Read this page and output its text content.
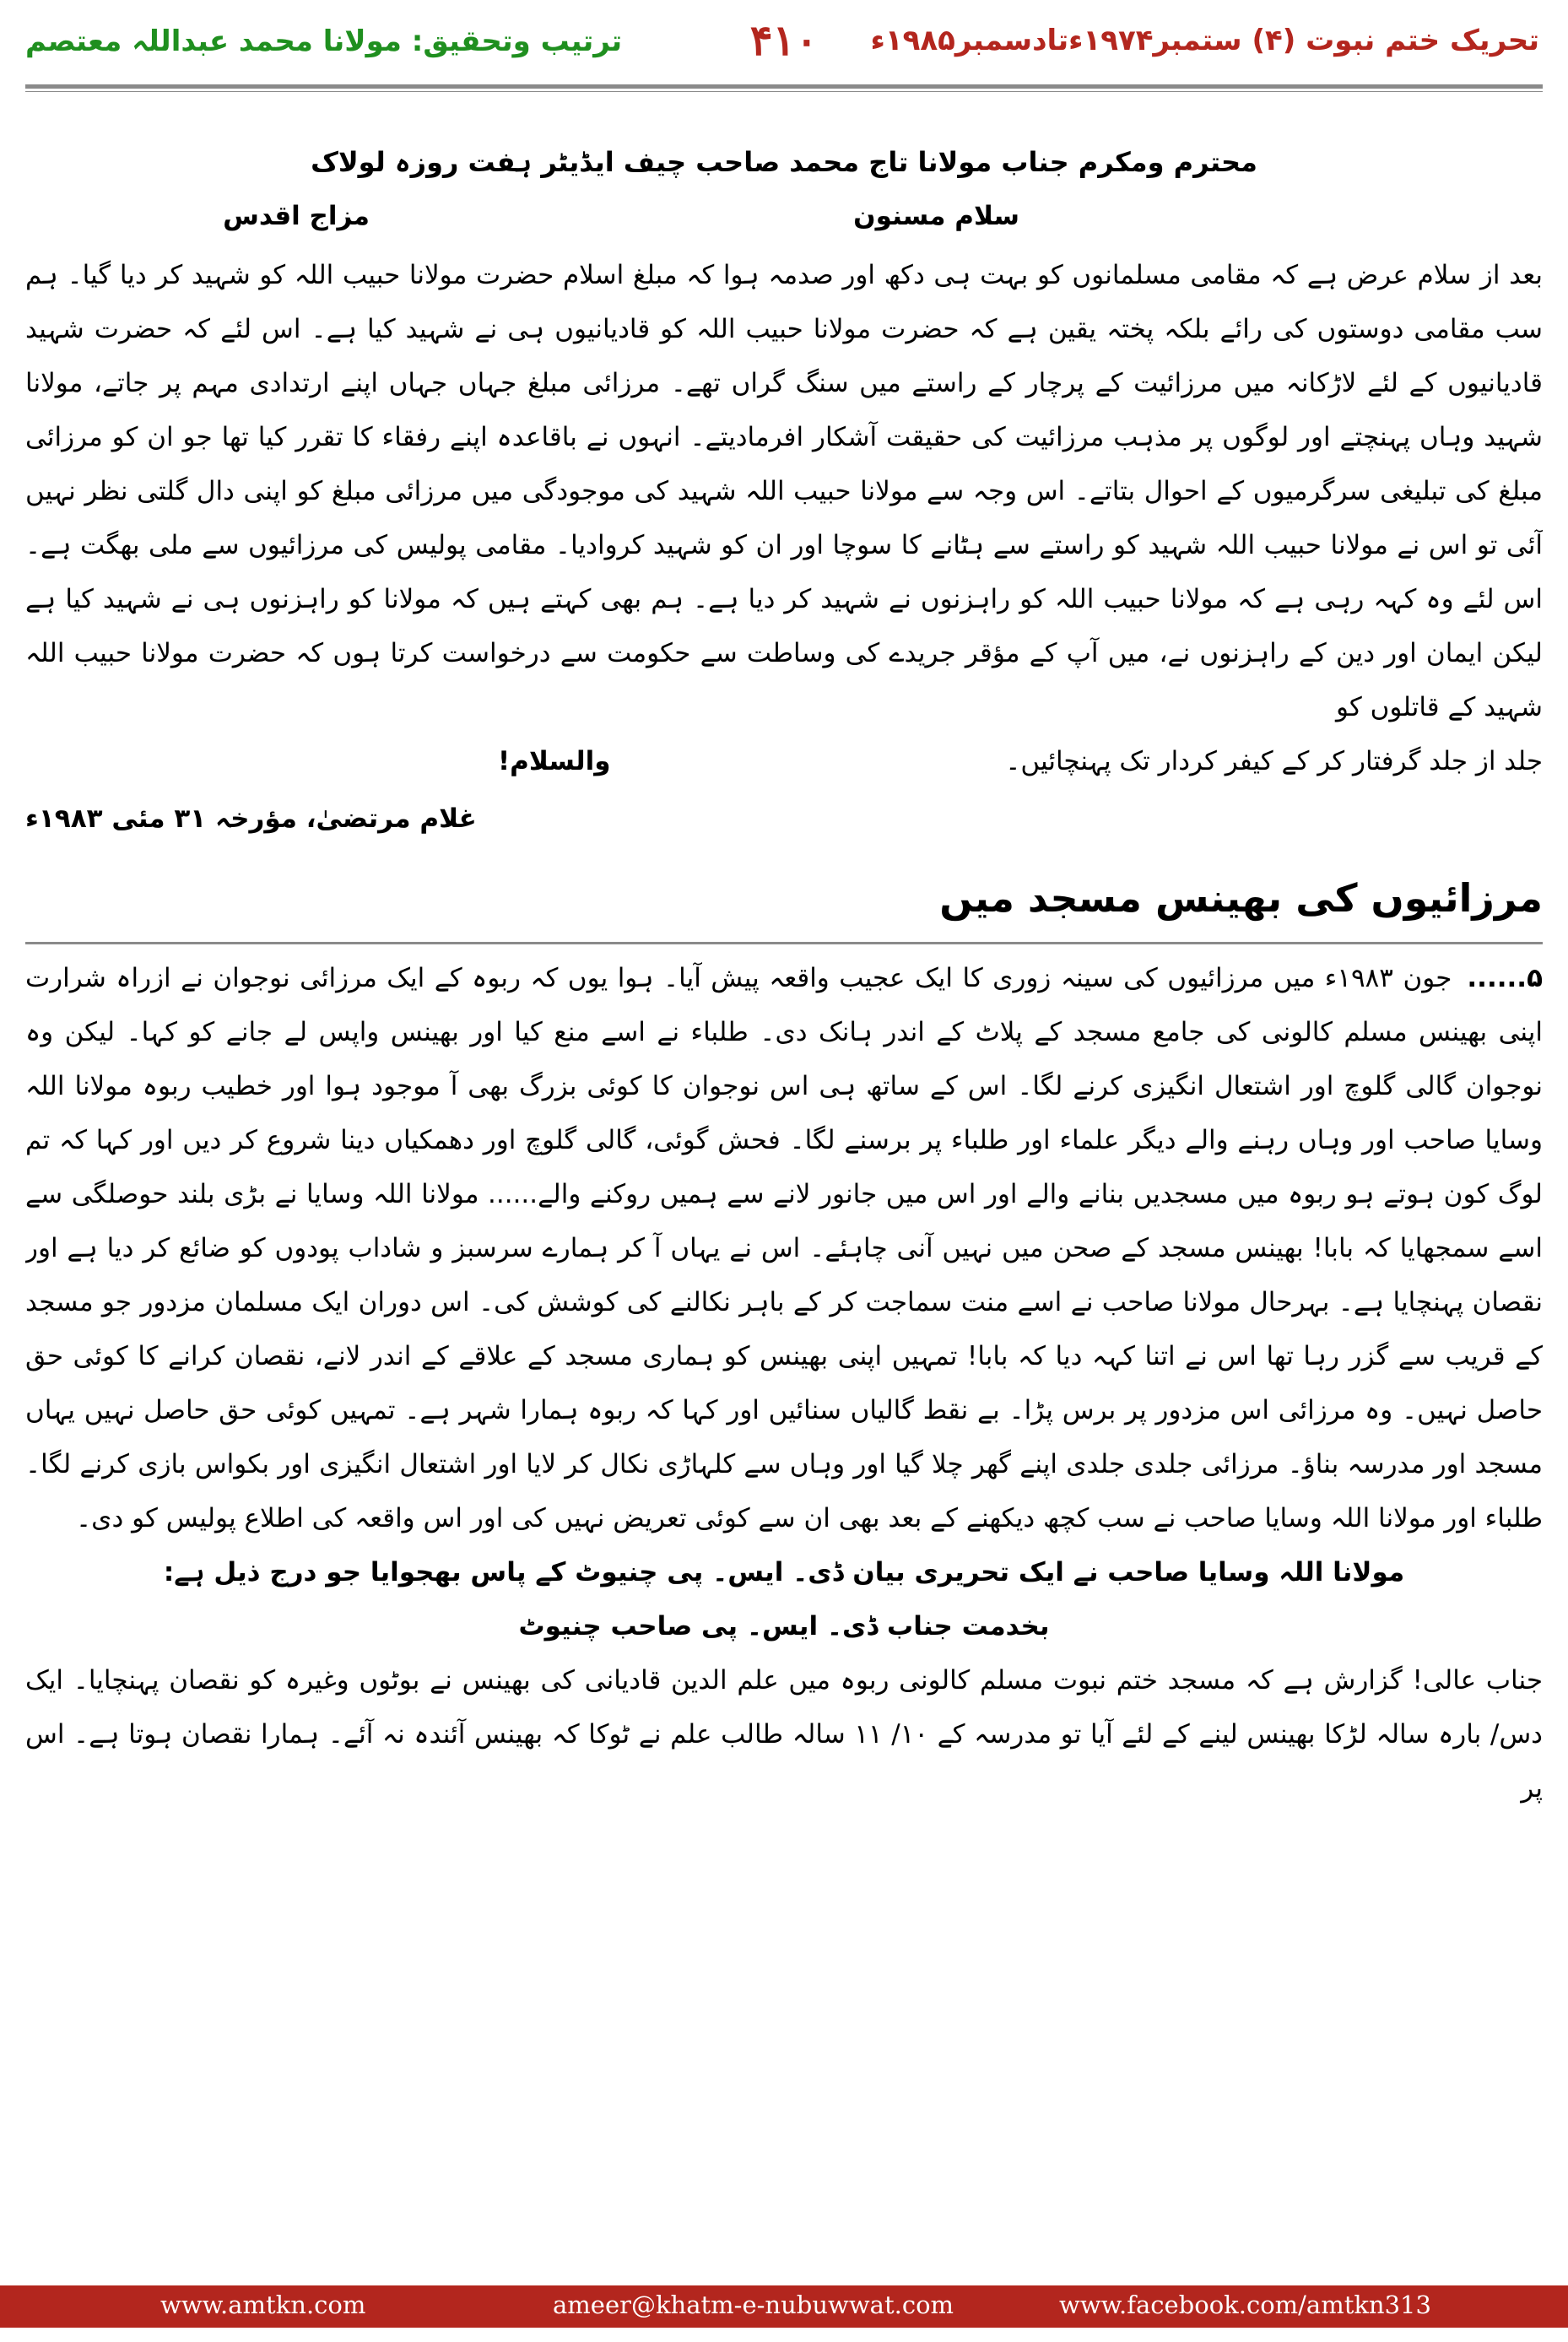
ترتیب وتحقیق: مولانا محمد عبداللہ معتصم	۴۱۰	تحریک ختم نبوت (۴) ستمبر۱۹۷۴ءتادسمبر۱۹۸۵ء

محترم ومکرم جناب مولانا تاج محمد صاحب چیف ایڈیٹر ہفت روزہ لولاک

سلام مسنون
مزاج اقدس

بعد از سلام عرض ہے کہ مقامی مسلمانوں کو بہت ہی دکھ اور صدمہ ہوا کہ مبلغ اسلام حضرت مولانا حبیب اللہ کو شہید کر دیا گیا۔ ہم سب مقامی دوستوں کی رائے بلکہ پختہ یقین ہے کہ حضرت مولانا حبیب اللہ کو قادیانیوں ہی نے شہید کیا ہے۔ اس لئے کہ حضرت شہید قادیانیوں کے لئے لاڑکانہ میں مرزائیت کے پرچار کے راستے میں سنگ گراں تھے۔ مرزائی مبلغ جہاں جہاں اپنے ارتدادی مہم پر جاتے، مولانا شہید وہاں پہنچتے اور لوگوں پر مذہب مرزائیت کی حقیقت آشکار افرمادیتے۔ انہوں نے باقاعدہ اپنے رفقاء کا تقرر کیا تھا جو ان کو مرزائی مبلغ کی تبلیغی سرگرمیوں کے احوال بتاتے۔ اس وجہ سے مولانا حبیب اللہ شہید کی موجودگی میں مرزائی مبلغ کو اپنی دال گلتی نظر نہیں آئی تو اس نے مولانا حبیب اللہ شہید کو راستے سے ہٹانے کا سوچا اور ان کو شہید کروادیا۔ مقامی پولیس کی مرزائیوں سے ملی بھگت ہے۔ اس لئے وہ کہہ رہی ہے کہ مولانا حبیب اللہ کو راہزنوں نے شہید کر دیا ہے۔ ہم بھی کہتے ہیں کہ مولانا کو راہزنوں ہی نے شہید کیا ہے لیکن ایمان اور دین کے راہزنوں نے، میں آپ کے مؤقر جریدے کی وساطت سے حکومت سے درخواست کرتا ہوں کہ حضرت مولانا حبیب اللہ شہید کے قاتلوں کو

جلد از جلد گرفتار کر کے کیفر کردار تک پہنچائیں۔
والسلام!
غلام مرتضیٰ، مؤرخہ ۳۱ مئی ۱۹۸۳ء
مرزائیوں کی بھینس مسجد میں

۵......جون ۱۹۸۳ء میں مرزائیوں کی سینہ زوری کا ایک عجیب واقعہ پیش آیا۔ ہوا یوں کہ ربوہ کے ایک مرزائی نوجوان نے ازراہ شرارت اپنی بھینس مسلم کالونی کی جامع مسجد کے پلاٹ کے اندر ہانک دی۔ طلباء نے اسے منع کیا اور بھینس واپس لے جانے کو کہا۔ لیکن وہ نوجوان گالی گلوچ اور اشتعال انگیزی کرنے لگا۔ اس کے ساتھ ہی اس نوجوان کا کوئی بزرگ بھی آ موجود ہوا اور خطیب ربوہ مولانا اللہ وسایا صاحب اور وہاں رہنے والے دیگر علماء اور طلباء پر برسنے لگا۔ فحش گوئی، گالی گلوچ اور دھمکیاں دینا شروع کر دیں اور کہا کہ تم لوگ کون ہوتے ہو ربوہ میں مسجدیں بنانے والے اور اس میں جانور لانے سے ہمیں روکنے والے...... مولانا اللہ وسایا نے بڑی بلند حوصلگی سے اسے سمجھایا کہ بابا! بھینس مسجد کے صحن میں نہیں آنی چاہئے۔ اس نے یہاں آ کر ہمارے سرسبز و شاداب پودوں کو ضائع کر دیا ہے اور نقصان پہنچایا ہے۔ بہرحال مولانا صاحب نے اسے منت سماجت کر کے باہر نکالنے کی کوشش کی۔ اس دوران ایک مسلمان مزدور جو مسجد کے قریب سے گزر رہا تھا اس نے اتنا کہہ دیا کہ بابا! تمہیں اپنی بھینس کو ہماری مسجد کے علاقے کے اندر لانے، نقصان کرانے کا کوئی حق حاصل نہیں۔ وہ مرزائی اس مزدور پر برس پڑا۔ بے نقط گالیاں سنائیں اور کہا کہ ربوہ ہمارا شہر ہے۔ تمہیں کوئی حق حاصل نہیں یہاں مسجد اور مدرسہ بناؤ۔ مرزائی جلدی جلدی اپنے گھر چلا گیا اور وہاں سے کلہاڑی نکال کر لایا اور اشتعال انگیزی اور بکواس بازی کرنے لگا۔ طلباء اور مولانا اللہ وسایا صاحب نے سب کچھ دیکھنے کے بعد بھی ان سے کوئی تعریض نہیں کی اور اس واقعہ کی اطلاع پولیس کو دی۔

مولانا اللہ وسایا صاحب نے ایک تحریری بیان ڈی۔ ایس۔ پی چنیوٹ کے پاس بھجوایا جو درج ذیل ہے:

بخدمت جناب ڈی۔ ایس۔ پی صاحب چنیوٹ

جناب عالی! گزارش ہے کہ مسجد ختم نبوت مسلم کالونی ربوہ میں علم الدین قادیانی کی بھینس نے بوٹوں وغیرہ کو نقصان پہنچایا۔ ایک دس/ بارہ سالہ لڑکا بھینس لینے کے لئے آیا تو مدرسہ کے ۱۰/ ۱۱ سالہ طالب علم نے ٹوکا کہ بھینس آئندہ نہ آئے۔ ہمارا نقصان ہوتا ہے۔ اس پر

www.amtkn.com	ameer@khatm-e-nubuwwat.com	www.facebook.com/amtkn313
